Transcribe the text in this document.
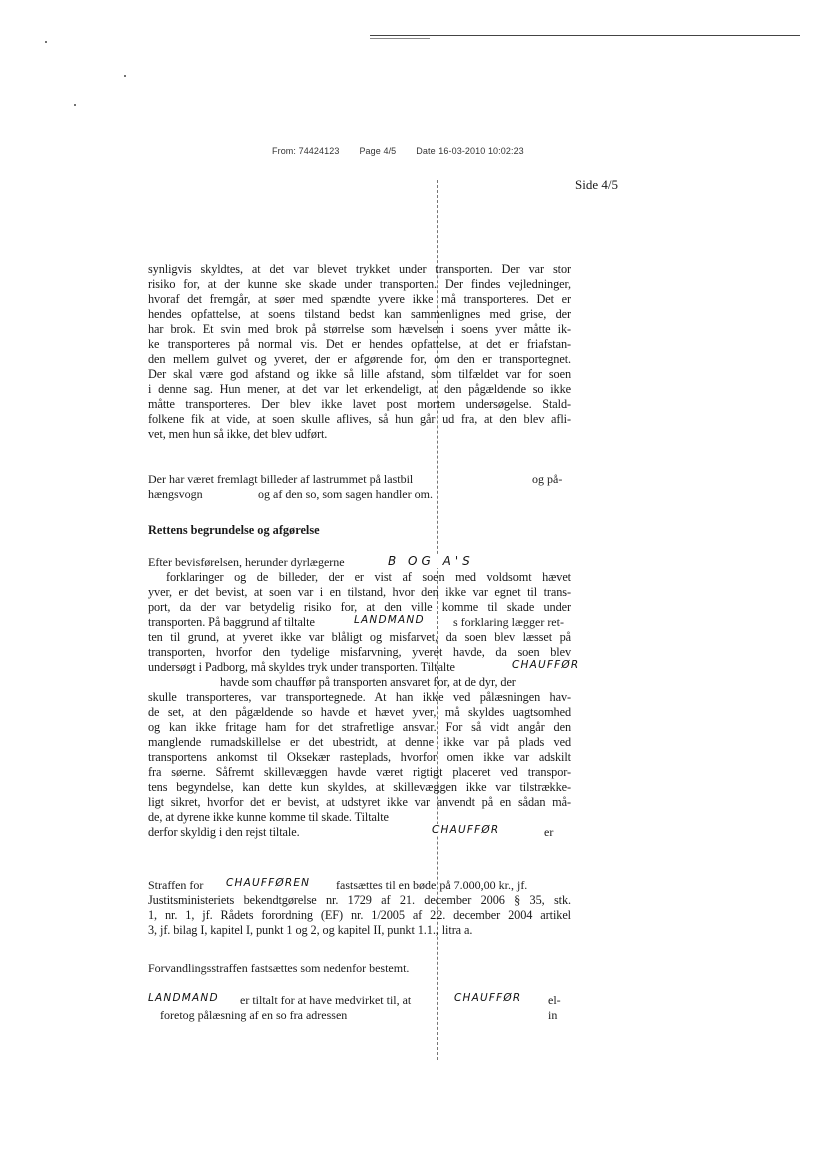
From: 74424123 Page 4/5 Date 16-03-2010 10:02:23
Side 4/5
synligvis skyldtes, at det var blevet trykket under transporten. Der var stor
risiko for, at der kunne ske skade under transporten. Der findes vejledninger,
hvoraf det fremgår, at søer med spændte yvere ikke må transporteres. Det er
hendes opfattelse, at soens tilstand bedst kan sammenlignes med grise, der
har brok. Et svin med brok på størrelse som hævelsen i soens yver måtte ik-
ke transporteres på normal vis. Det er hendes opfattelse, at det er friafstan-
den mellem gulvet og yveret, der er afgørende for, om den er transportegnet.
Der skal være god afstand og ikke så lille afstand, som tilfældet var for soen
i denne sag. Hun mener, at det var let erkendeligt, at den pågældende so ikke
måtte transporteres. Der blev ikke lavet post mortem undersøgelse. Stald-
folkene fik at vide, at soen skulle aflives, så hun går ud fra, at den blev afli-
vet, men hun så ikke, det blev udført.
Der har været fremlagt billeder af lastrummet på lastbil	og på-
hængsvogn	og af den so, som sagen handler om.
Rettens begrundelse og afgørelse
Efter bevisførelsen, herunder dyrlægerne	B OG A'S
forklaringer og de billeder, der er vist af soen med voldsomt hævet
yver, er det bevist, at soen var i en tilstand, hvor den ikke var egnet til trans-
port, da der var betydelig risiko for, at den ville komme til skade under
transporten. På baggrund af tiltalte
ten til grund, at yveret ikke var blåligt og misfarvet, da soen blev læsset på
transporten, hvorfor den tydelige misfarvning, yveret havde, da soen blev
undersøgt i Padborg, må skyldes tryk under transporten. Tiltalte
havde som chauffør på transporten ansvaret for, at de dyr, der
skulle transporteres, var transportegnede. At han ikke ved pålæsningen hav-
de set, at den pågældende so havde et hævet yver, må skyldes uagtsomhed
og kan ikke fritage ham for det strafretlige ansvar. For så vidt angår den
manglende rumadskillelse er det ubestridt, at denne ikke var på plads ved
transportens ankomst til Oksekær rasteplads, hvorfor omen ikke var adskilt
fra søerne. Såfremt skillevæggen havde været rigtigt placeret ved transpor-
tens begyndelse, kan dette kun skyldes, at skillevæggen ikke var tilstrække-
ligt sikret, hvorfor det er bevist, at udstyret ikke var anvendt på en sådan må-
de, at dyrene ikke kunne komme til skade. Tiltalte
derfor skyldig i den rejst tiltale.
s forklaring lægger ret-
LANDMAND
CHAUFFØR
CHAUFFØR	er
Straffen for CHAUFFØREN fastsættes til en bøde på 7.000,00 kr., jf.
Justitsministeriets bekendtgørelse nr. 1729 af 21. december 2006 § 35, stk.
1, nr. 1, jf. Rådets forordning (EF) nr. 1/2005 af 22. december 2004 artikel
3, jf. bilag I, kapitel I, punkt 1 og 2, og kapitel II, punkt 1.1., litra a.
Forvandlingsstraffen fastsættes som nedenfor bestemt.
LANDMAND er tiltalt for at have medvirket til, at	CHAUFFØR el-
foretog pålæsning af en so fra adressen	in
